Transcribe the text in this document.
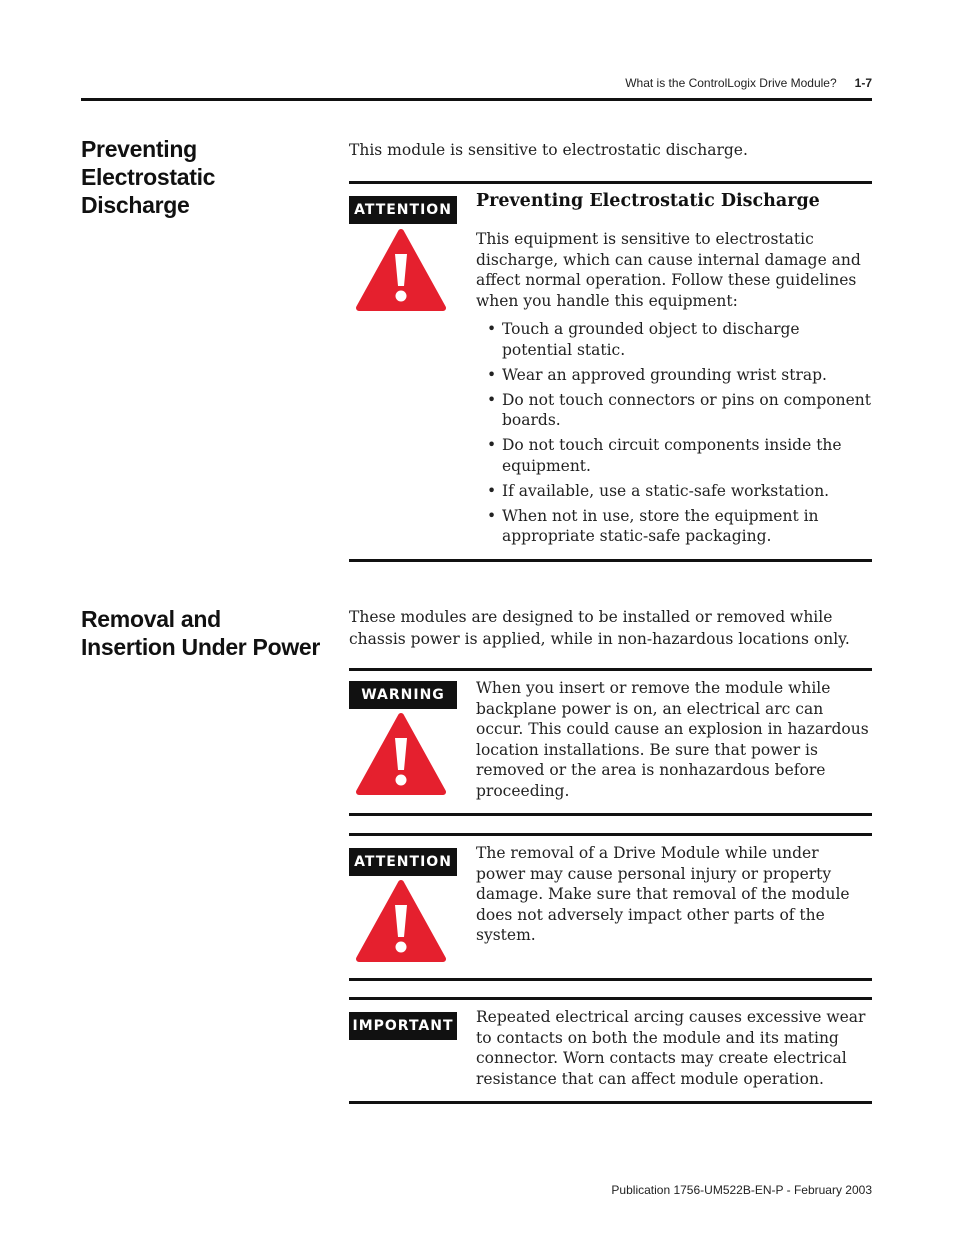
What is the ControlLogix Drive Module? 1-7
Preventing Electrostatic Discharge
This module is sensitive to electrostatic discharge.
ATTENTION Preventing Electrostatic Discharge
This equipment is sensitive to electrostatic discharge, which can cause internal damage and affect normal operation. Follow these guidelines when you handle this equipment:
• Touch a grounded object to discharge potential static.
• Wear an approved grounding wrist strap.
• Do not touch connectors or pins on component boards.
• Do not touch circuit components inside the equipment.
• If available, use a static-safe workstation.
• When not in use, store the equipment in appropriate static-safe packaging.
Removal and Insertion Under Power
These modules are designed to be installed or removed while chassis power is applied, while in non-hazardous locations only.
WARNING	When you insert or remove the module while backplane power is on, an electrical arc can occur. This could cause an explosion in hazardous location installations. Be sure that power is removed or the area is nonhazardous before proceeding.
ATTENTION	The removal of a Drive Module while under power may cause personal injury or property damage. Make sure that removal of the module does not adversely impact other parts of the system.
IMPORTANT Repeated electrical arcing causes excessive wear to contacts on both the module and its mating connector. Worn contacts may create electrical resistance that can affect module operation.
Publication 1756-UM522B-EN-P - February 2003
